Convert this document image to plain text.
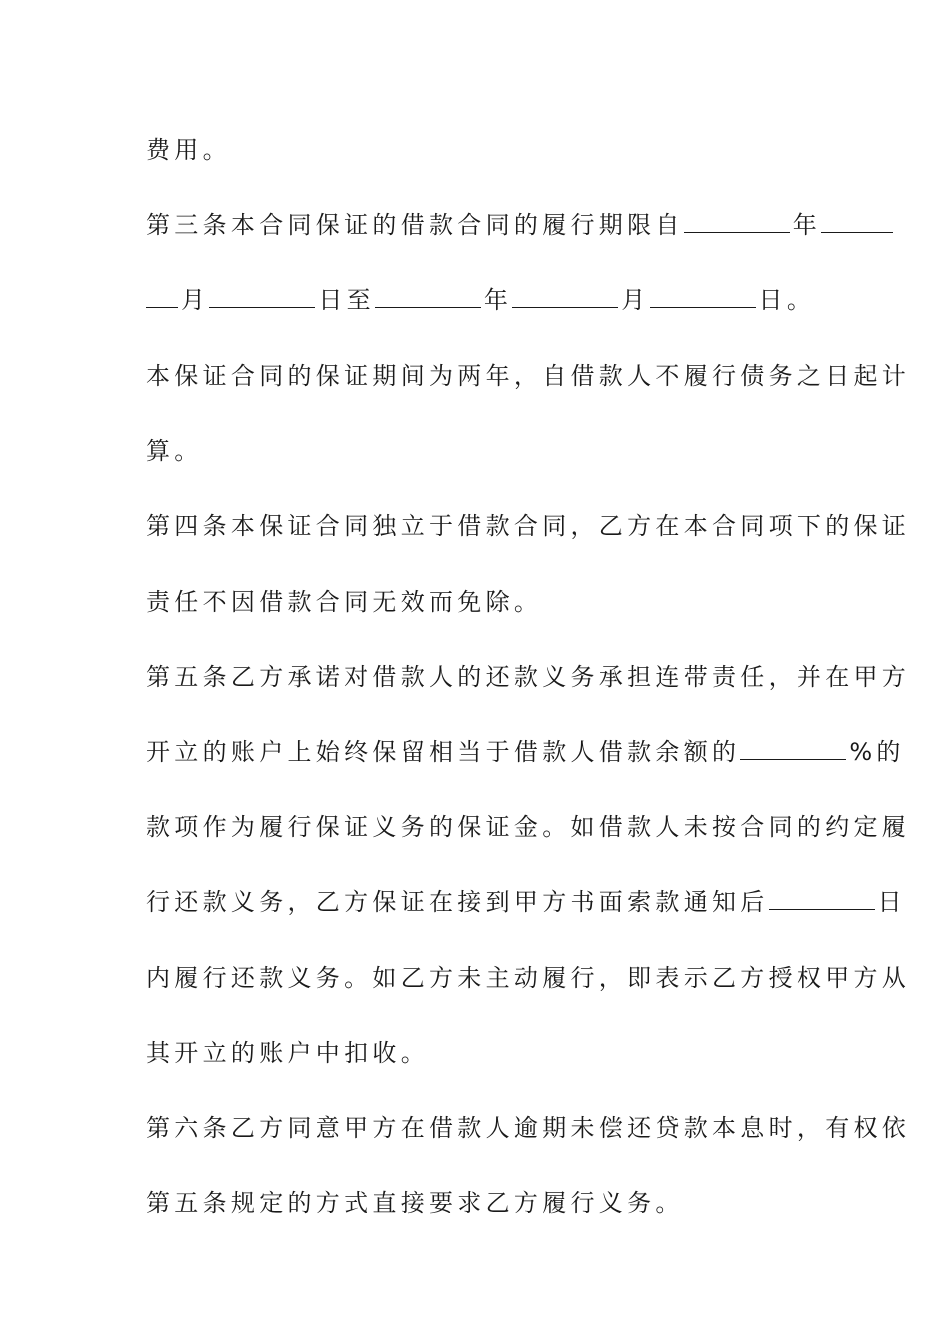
费用。
第三条本合同保证的借款合同的履行期限自	年
月	日至	年	月	日。
本保证合同的保证期间为两年，自借款人不履行债务之日起计
算。
第四条本保证合同独立于借款合同，乙方在本合同项下的保证
责任不因借款合同无效而免除。
第五条乙方承诺对借款人的还款义务承担连带责任，并在甲方
开立的账户上始终保留相当于借款人借款余额的	%的
款项作为履行保证义务的保证金。如借款人未按合同的约定履
行还款义务，乙方保证在接到甲方书面索款通知后	日
内履行还款义务。如乙方未主动履行，即表示乙方授权甲方从
其开立的账户中扣收。
第六条乙方同意甲方在借款人逾期未偿还贷款本息时，有权依
第五条规定的方式直接要求乙方履行义务。
